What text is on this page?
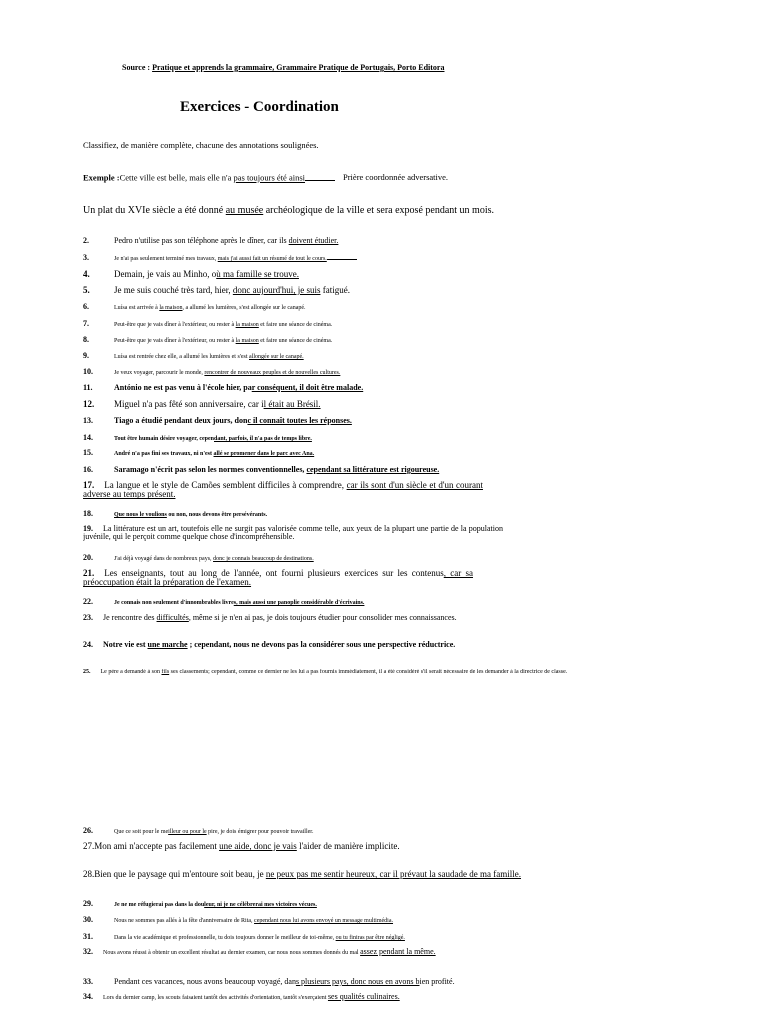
Source : Pratique et apprends la grammaire, Grammaire Pratique de Portugais, Porto Editora
Exercices - Coordination
Classifiez, de manière complète, chacune des annotations soulignées.
Exemple :Cette ville est belle, mais elle n'a pas toujours été ainsi	Prière coordonnée adversative.
Un plat du XVIe siècle a été donné au musée archéologique de la ville et sera exposé pendant un mois.
2.	Pedro n'utilise pas son téléphone après le dîner, car ils doivent étudier.
3.	Je n'ai pas seulement terminé mes travaux, mais j'ai aussi fait un résumé de tout le cours.
4.	Demain, je vais au Minho, où ma famille se trouve.
5.	Je me suis couché très tard, hier, donc aujourd'hui, je suis fatigué.
6.	Luísa est arrivée à la maison, a allumé les lumières, s'est allongée sur le canapé.
7.	Peut-être que je vais dîner à l'extérieur, ou rester à la maison et faire une séance de cinéma.
8.	Peut-être que je vais dîner à l'extérieur, ou rester à la maison et faire une séance de cinéma.
9.	Luísa est rentrée chez elle, a allumé les lumières et s'est allongée sur le canapé.
10.	Je veux voyager, parcourir le monde, rencontrer de nouveaux peuples et de nouvelles cultures.
11.	António ne est pas venu à l'école hier, par conséquent, il doit être malade.
12. Miguel n'a pas fêté son anniversaire, car il était au Brésil.
13.	Tiago a étudié pendant deux jours, donc il connaît toutes les réponses.
14.	Tout être humain désire voyager, cependant, parfois, il n'a pas de temps libre.
15.	André n'a pas fini ses travaux, ni n'est allé se promener dans le parc avec Ana.
16.	Saramago n'écrit pas selon les normes conventionnelles, cependant sa littérature est rigoureuse.
17. La langue et le style de Camões semblent difficiles à comprendre, car ils sont d'un siècle et d'un courant adverse au temps présent.
18.	Que nous le voulions ou non, nous devons être persévérants.
19. La littérature est un art, toutefois elle ne surgit pas valorisée comme telle, aux yeux de la plupart une partie de la population juvénile, qui le perçoit comme quelque chose d'incompréhensible.
20.	J'ai déjà voyagé dans de nombreux pays, donc je connais beaucoup de destinations.
21. Les enseignants, tout au long de l'année, ont fourni plusieurs exercices sur les contenus, car sa préoccupation était la préparation de l'examen.
22.	Je connais non seulement d'innombrables livres, mais aussi une panoplie considérable d'écrivains.
23. Je rencontre des difficultés, même si je n'en ai pas, je dois toujours étudier pour consolider mes connaissances.
24. Notre vie est une marche ; cependant, nous ne devons pas la considérer sous une perspective réductrice.
25. Le père a demandé à son fils ses classements; cependant, comme ce dernier ne les lui a pas fournis immédiatement, il a été considéré s'il serait nécessaire de les demander à la directrice de classe.
26.	Que ce soit pour le meilleur ou pour le pire, je dois émigrer pour pouvoir travailler.
27.Mon ami n'accepte pas facilement une aide, donc je vais l'aider de manière implicite.
28.Bien que le paysage qui m'entoure soit beau, je ne peux pas me sentir heureux, car il prévaut la saudade de ma famille.
29.	Je ne me réfugierai pas dans la douleur, ni je ne célébrerai mes victoires vécues.
30.	Nous ne sommes pas allés à la fête d'anniversaire de Rita, cependant nous lui avons envoyé un message multimédia.
31.	Dans la vie académique et professionnelle, tu dois toujours donner le meilleur de toi-même, ou tu finiras par être négligé.
32. Nous avons réussi à obtenir un excellent résultat au dernier examen, car nous nous sommes donnés du mal assez pendant la même.
33.	Pendant ces vacances, nous avons beaucoup voyagé, dans plusieurs pays, donc nous en avons bien profité.
34. Lors du dernier camp, les scouts faisaient tantôt des activités d'orientation, tantôt s'exerçaient ses qualités culinaires.
